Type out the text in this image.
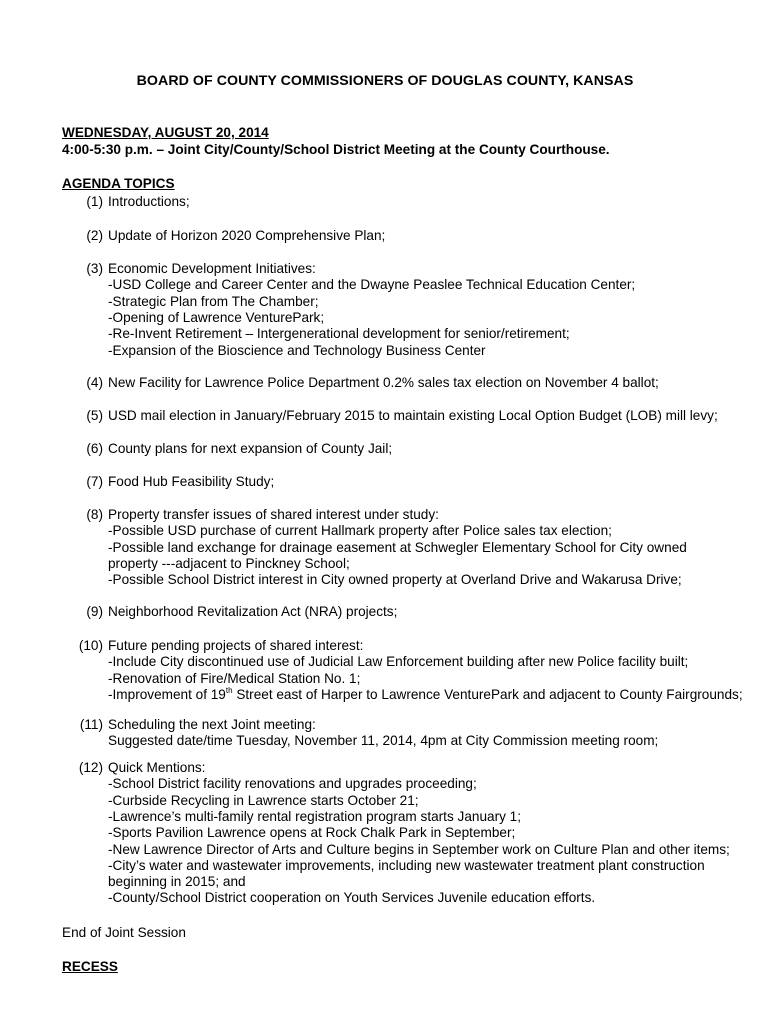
BOARD OF COUNTY COMMISSIONERS OF DOUGLAS COUNTY, KANSAS
WEDNESDAY, AUGUST 20, 2014
4:00-5:30 p.m. – Joint City/County/School District Meeting at the County Courthouse.
AGENDA TOPICS
(1) Introductions;
(2) Update of Horizon 2020 Comprehensive Plan;
(3) Economic Development Initiatives:
-USD College and Career Center and the Dwayne Peaslee Technical Education Center;
-Strategic Plan from The Chamber;
-Opening of Lawrence VenturePark;
-Re-Invent Retirement – Intergenerational development for senior/retirement;
-Expansion of the Bioscience and Technology Business Center
(4) New Facility for Lawrence Police Department 0.2% sales tax election on November 4 ballot;
(5) USD mail election in January/February 2015 to maintain existing Local Option Budget (LOB) mill levy;
(6) County plans for next expansion of County Jail;
(7) Food Hub Feasibility Study;
(8) Property transfer issues of shared interest under study:
-Possible USD purchase of current Hallmark property after Police sales tax election;
-Possible land exchange for drainage easement at Schwegler Elementary School for City owned
property ---adjacent to Pinckney School;
-Possible School District interest in City owned property at Overland Drive and Wakarusa Drive;
(9) Neighborhood Revitalization Act (NRA) projects;
(10) Future pending projects of shared interest:
-Include City discontinued use of Judicial Law Enforcement building after new Police facility built;
-Renovation of Fire/Medical Station No. 1;
-Improvement of 19th Street east of Harper to Lawrence VenturePark and adjacent to County Fairgrounds;
(11) Scheduling the next Joint meeting:
Suggested date/time Tuesday, November 11, 2014, 4pm at City Commission meeting room;
(12) Quick Mentions:
-School District facility renovations and upgrades proceeding;
-Curbside Recycling in Lawrence starts October 21;
-Lawrence’s multi-family rental registration program starts January 1;
-Sports Pavilion Lawrence opens at Rock Chalk Park in September;
-New Lawrence Director of Arts and Culture begins in September work on Culture Plan and other items;
-City’s water and wastewater improvements, including new wastewater treatment plant construction
beginning in 2015; and
-County/School District cooperation on Youth Services Juvenile education efforts.
End of Joint Session
RECESS
